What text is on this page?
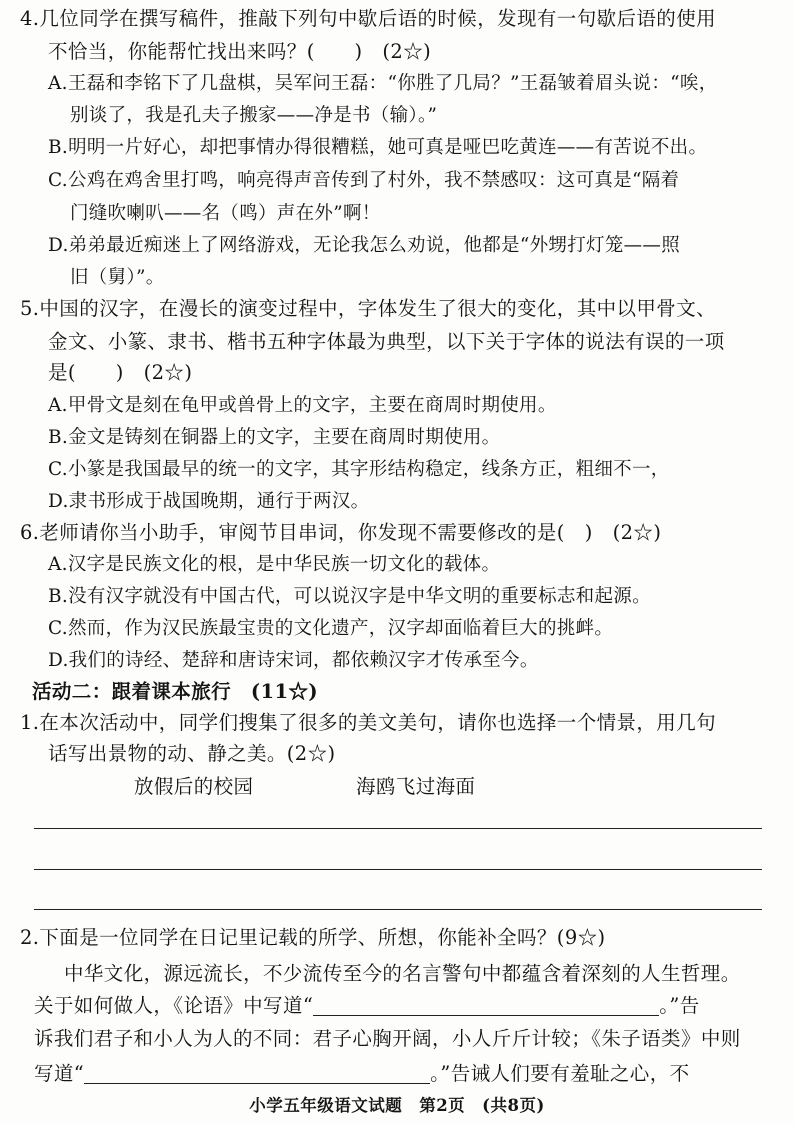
4.几位同学在撰写稿件，推敲下列句中歇后语的时候，发现有一句歇后语的使用
不恰当，你能帮忙找出来吗？(　　)　(2☆)
A.王磊和李铭下了几盘棋，吴军问王磊：“你胜了几局？”王磊皱着眉头说：“唉，
别谈了，我是孔夫子搬家——净是书（输）。”
B.明明一片好心，却把事情办得很糟糕，她可真是哑巴吃黄连——有苦说不出。
C.公鸡在鸡舍里打鸣，响亮得声音传到了村外，我不禁感叹：这可真是“隔着
门缝吹喇叭——名（鸣）声在外”啊！
D.弟弟最近痴迷上了网络游戏，无论我怎么劝说，他都是“外甥打灯笼——照
旧（舅）”。
5.中国的汉字，在漫长的演变过程中，字体发生了很大的变化，其中以甲骨文、
金文、小篆、隶书、楷书五种字体最为典型，以下关于字体的说法有误的一项
是(　　)　(2☆)
A.甲骨文是刻在龟甲或兽骨上的文字，主要在商周时期使用。
B.金文是铸刻在铜器上的文字，主要在商周时期使用。
C.小篆是我国最早的统一的文字，其字形结构稳定，线条方正，粗细不一，
D.隶书形成于战国晚期，通行于两汉。
6.老师请你当小助手，审阅节目串词，你发现不需要修改的是(　)　(2☆)
A.汉字是民族文化的根，是中华民族一切文化的载体。
B.没有汉字就没有中国古代，可以说汉字是中华文明的重要标志和起源。
C.然而，作为汉民族最宝贵的文化遗产，汉字却面临着巨大的挑衅。
D.我们的诗经、楚辞和唐诗宋词，都依赖汉字才传承至今。
活动二：跟着课本旅行　(11☆)
1.在本次活动中，同学们搜集了很多的美文美句，请你也选择一个情景，用几句
话写出景物的动、静之美。(2☆)
放假后的校园	海鸥飞过海面
2.下面是一位同学在日记里记载的所学、所想，你能补全吗？(9☆)
中华文化，源远流长，不少流传至今的名言警句中都蕴含着深刻的人生哲理。
关于如何做人，《论语》中写道“	。”告
诉我们君子和小人为人的不同：君子心胸开阔，小人斤斤计较；《朱子语类》中则
写道“	。”告诫人们要有羞耻之心，不
小学五年级语文试题　第2页　(共8页)
